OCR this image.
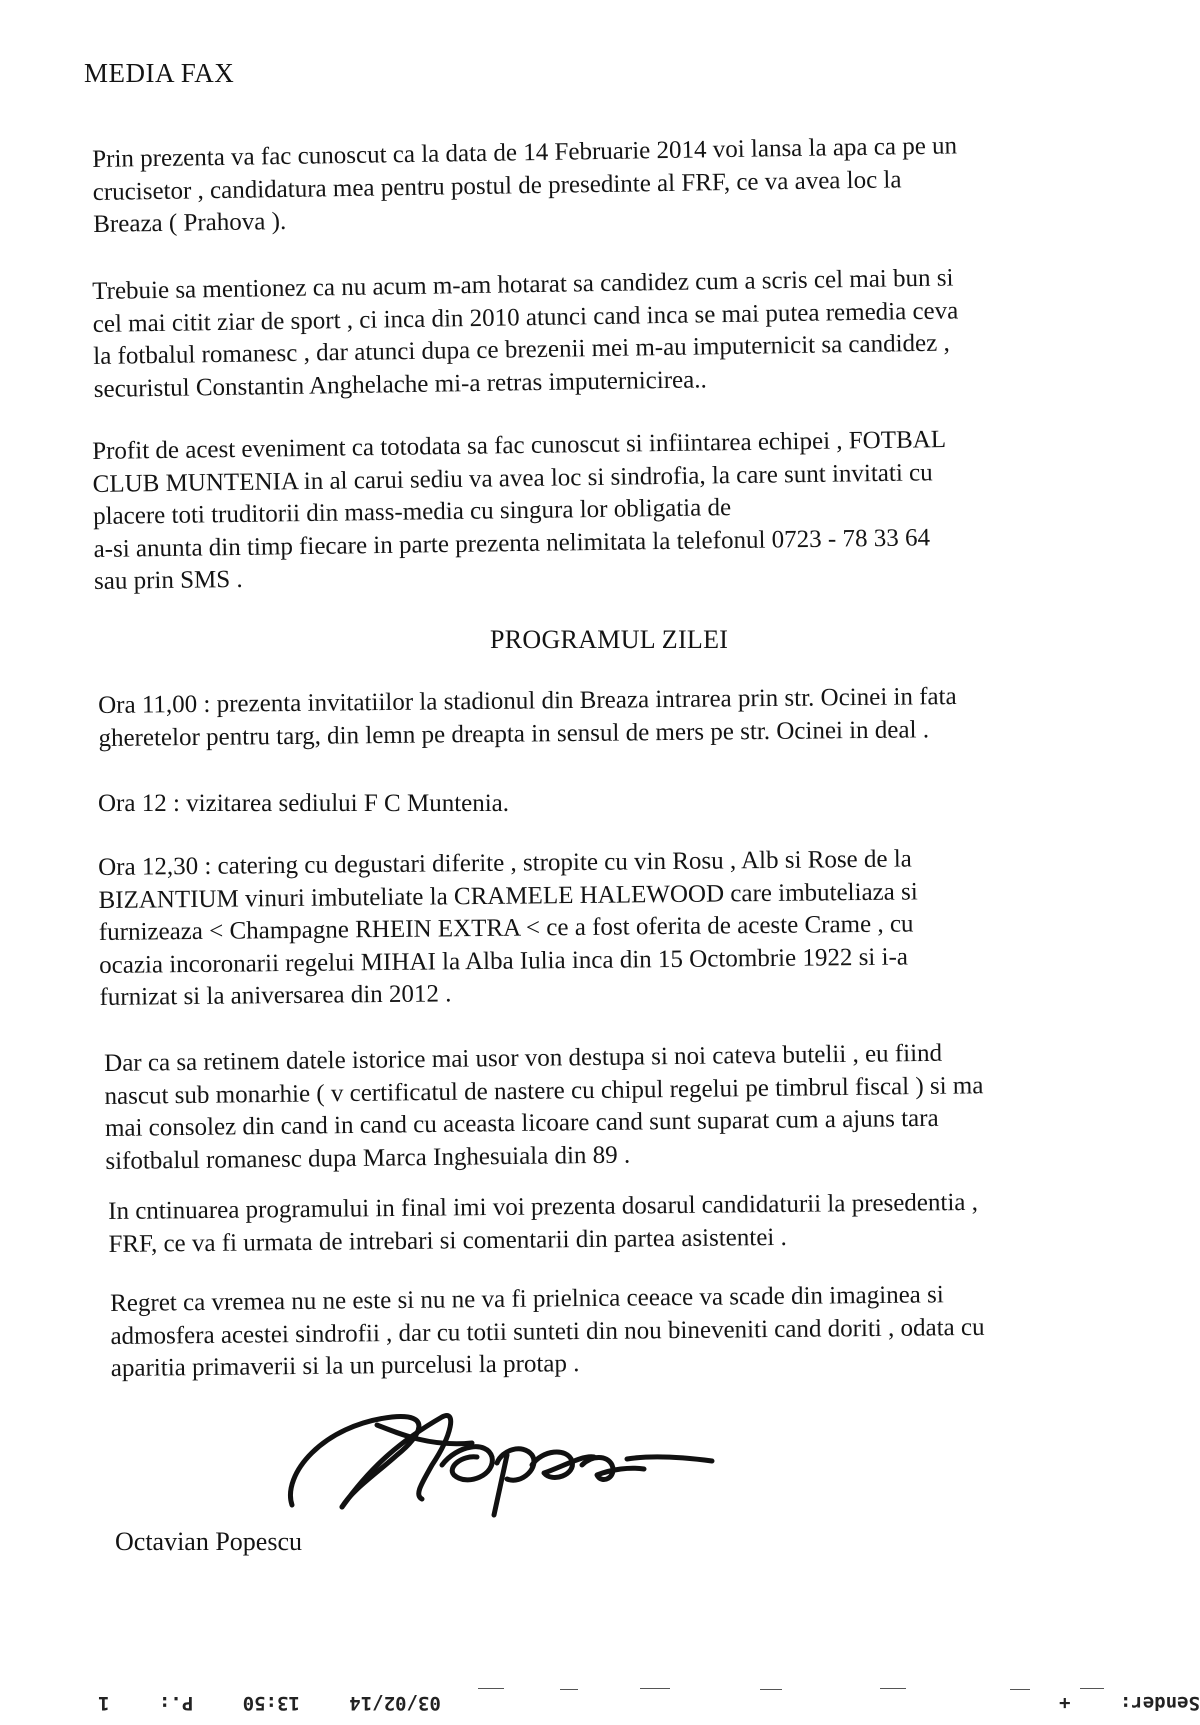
MEDIA FAX
Prin prezenta va fac cunoscut ca la data de 14 Februarie 2014 voi lansa la apa ca pe un
crucisetor , candidatura mea pentru postul de presedinte al FRF, ce va avea loc la
Breaza ( Prahova ).
Trebuie sa mentionez ca nu acum m-am hotarat sa candidez cum a scris cel mai bun si
cel mai citit ziar de sport , ci inca din 2010 atunci cand inca se mai putea remedia ceva
la fotbalul romanesc , dar atunci dupa ce brezenii mei m-au imputernicit sa candidez ,
securistul Constantin Anghelache mi-a retras imputernicirea..
Profit de acest eveniment ca totodata sa fac cunoscut si infiintarea echipei , FOTBAL
CLUB MUNTENIA in al carui sediu va avea loc si sindrofia, la care sunt invitati cu
placere toti truditorii din mass-media cu singura lor obligatia de
a-si anunta din timp fiecare in parte prezenta nelimitata la telefonul 0723 - 78 33 64
sau prin SMS .
PROGRAMUL ZILEI
Ora 11,00 : prezenta invitatiilor la stadionul din Breaza intrarea prin str. Ocinei in fata
gheretelor pentru targ, din lemn pe dreapta in sensul de mers pe str. Ocinei in deal .
Ora 12 : vizitarea sediului F C Muntenia.
Ora 12,30 : catering cu degustari diferite , stropite cu vin Rosu , Alb si Rose de la
BIZANTIUM vinuri imbuteliate la CRAMELE HALEWOOD care imbuteliaza si
furnizeaza < Champagne RHEIN EXTRA < ce a fost oferita de aceste Crame , cu
ocazia incoronarii regelui MIHAI la Alba Iulia inca din 15 Octombrie 1922 si i-a
furnizat si la aniversarea din 2012 .
Dar ca sa retinem datele istorice mai usor von destupa si noi cateva butelii , eu fiind
nascut sub monarhie ( v certificatul de nastere cu chipul regelui pe timbrul fiscal ) si ma
mai consolez din cand in cand cu aceasta licoare cand sunt suparat cum a ajuns tara
sifotbalul romanesc dupa Marca Inghesuiala din 89 .
In cntinuarea programului in final imi voi prezenta dosarul candidaturii la presedentia ,
FRF, ce va fi urmata de intrebari si comentarii din partea asistentei .
Regret ca vremea nu ne este si nu ne va fi prielnica ceeace va scade din imaginea si
admosfera acestei sindrofii , dar cu totii sunteti din nou bineveniti cand doriti , odata cu
aparitia primaverii si la un purcelusi la protap .
Octavian Popescu
Sender: +
03/02/14 13:50 P.: 1
